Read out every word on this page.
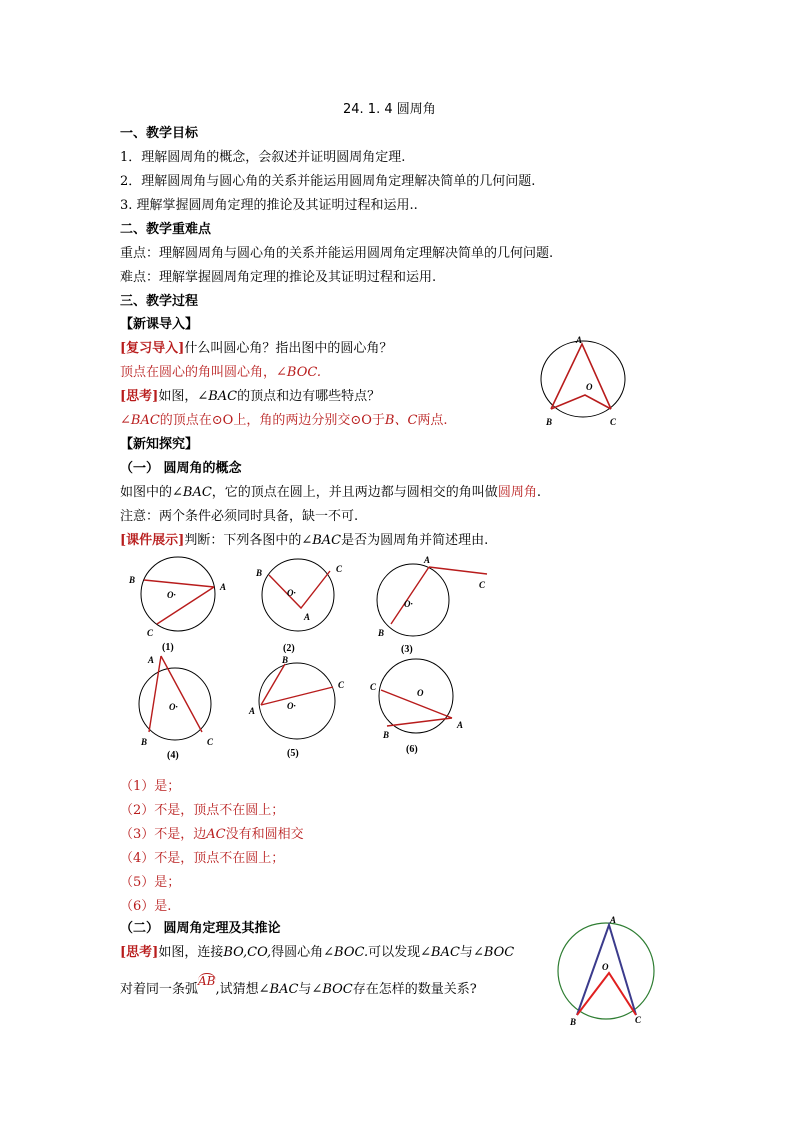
24. 1. 4 圆周角
一、教学目标
1．理解圆周角的概念，会叙述并证明圆周角定理.
2．理解圆周角与圆心角的关系并能运用圆周角定理解决简单的几何问题.
3. 理解掌握圆周角定理的推论及其证明过程和运用..
二、教学重难点
重点：理解圆周角与圆心角的关系并能运用圆周角定理解决简单的几何问题.
难点：理解掌握圆周角定理的推论及其证明过程和运用.
三、教学过程
【新课导入】
[复习导入]什么叫圆心角？指出图中的圆心角？
顶点在圆心的角叫圆心角，∠BOC.
[思考]如图，∠BAC的顶点和边有哪些特点？
∠BAC的顶点在⊙O上，角的两边分别交⊙O于B、C两点.
A
O
B	C
【新知探究】
（一） 圆周角的概念
如图中的∠BAC，它的顶点在圆上，并且两边都与圆相交的角叫做圆周角.
注意：两个条件必须同时具备，缺一不可.
[课件展示]判断：下列各图中的∠BAC是否为圆周角并简述理由.
B
A
O·
C
(1)
B	C
O·
A
(2)
A
C
O·
B
(3)
A
O·
B	C
(4)
B
C
A	O·
(5)
C
O
A
B
(6)
（1）是；
（2）不是，顶点不在圆上；
（3）不是，边AC没有和圆相交
（4）不是，顶点不在圆上；
（5）是；
（6）是.
（二） 圆周角定理及其推论
[思考]如图，连接BO,CO,得圆心角∠BOC.可以发现∠BAC与∠BOC
对着同一条弧AB,试猜想∠BAC与∠BOC存在怎样的数量关系?
A
O
B	C
